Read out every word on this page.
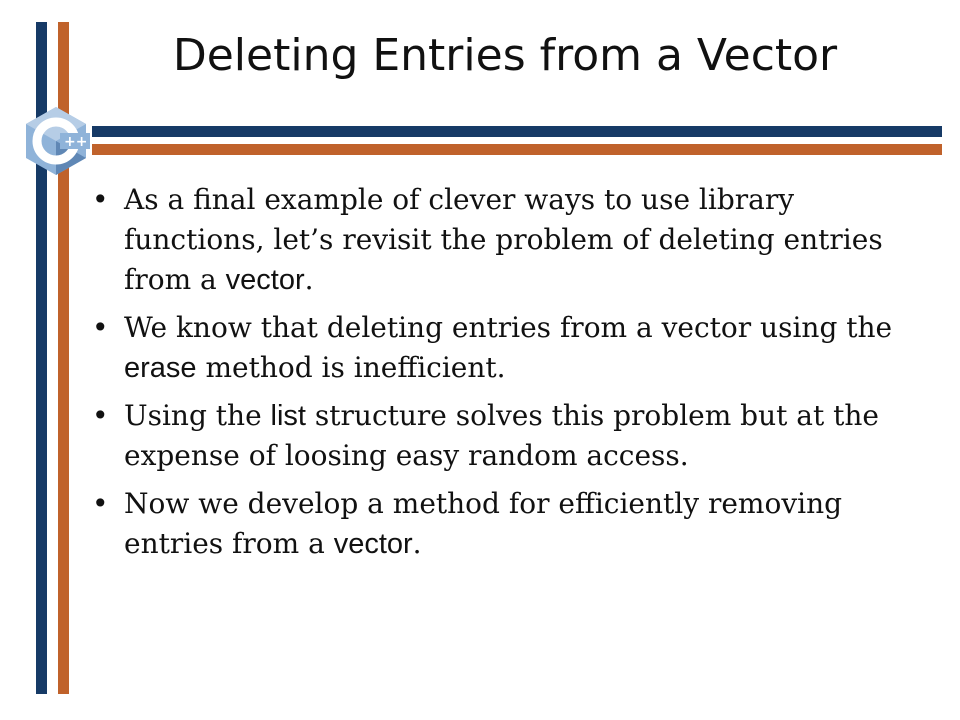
++
Deleting Entries from a Vector
• As a final example of clever ways to use library functions, let’s revisit the problem of deleting entries from a vector.
• We know that deleting entries from a vector using the erase method is inefficient.
• Using the list structure solves this problem but at the expense of loosing easy random access.
• Now we develop a method for efficiently removing entries from a vector.
